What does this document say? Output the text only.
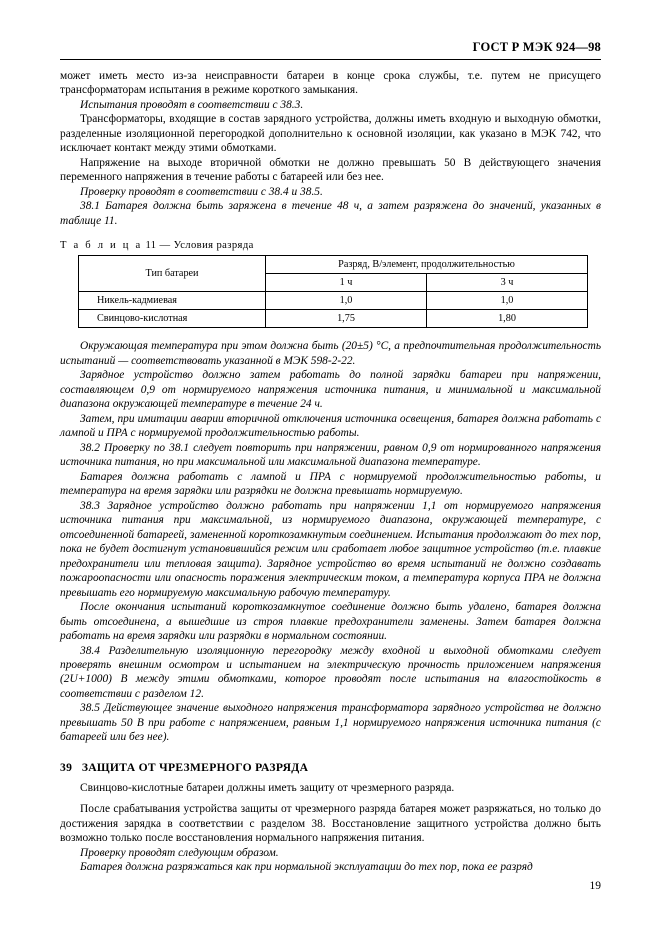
ГОСТ Р МЭК 924—98

может иметь место из-за неисправности батареи в конце срока службы, т.е. путем не присущего трансформаторам испытания в режиме короткого замыкания.

Испытания проводят в соответствии с 38.3.

Трансформаторы, входящие в состав зарядного устройства, должны иметь входную и выходную обмотки, разделенные изоляционной перегородкой дополнительно к основной изоляции, как указано в МЭК 742, что исключает контакт между этими обмотками.

Напряжение на выходе вторичной обмотки не должно превышать 50 В действующего значения переменного напряжения в течение работы с батареей или без нее.

Проверку проводят в соответствии с 38.4 и 38.5.

38.1 Батарея должна быть заряжена в течение 48 ч, а затем разряжена до значений, указанных в таблице 11.

Т а б л и ц а 11 — Условия разряда
Тип батареи	Разряд, В/элемент, продолжительностью	
	1 ч	3 ч
Никель-кадмиевая	1,0	1,0
Свинцово-кислотная	1,75	1,80

Окружающая температура при этом должна быть (20±5) °С, а предпочтительная продолжительность испытаний — соответствовать указанной в МЭК 598-2-22.

Зарядное устройство должно затем работать до полной зарядки батареи при напряжении, составляющем 0,9 от нормируемого напряжения источника питания, и минимальной и максимальной диапазона окружающей температуре в течение 24 ч.

Затем, при имитации аварии вторичной отключения источника освещения, батарея должна работать с лампой и ПРА с нормируемой продолжительностью работы.

38.2 Проверку по 38.1 следует повторить при напряжении, равном 0,9 от нормированного напряжения источника питания, но при максимальной или максимальной диапазона температуре.

Батарея должна работать с лампой и ПРА с нормируемой продолжительностью работы, и температура на время зарядки или разрядки не должна превышать нормируемую.

38.3 Зарядное устройство должно работать при напряжении 1,1 от нормируемого напряжения источника питания при максимальной, из нормируемого диапазона, окружающей температуре, с отсоединенной батареей, замененной короткозамкнутым соединением. Испытания продолжают до тех пор, пока не будет достигнут установившийся режим или сработает любое защитное устройство (т.е. плавкие предохранители или тепловая защита). Зарядное устройство во время испытаний не должно создавать пожароопасности или опасность поражения электрическим током, а температура корпуса ПРА не должна превышать его нормируемую максимальную рабочую температуру.

После окончания испытаний короткозамкнутое соединение должно быть удалено, батарея должна быть отсоединена, а вышедшие из строя плавкие предохранители заменены. Затем батарея должна работать на время зарядки или разрядки в нормальном состоянии.

38.4 Разделительную изоляционную перегородку между входной и выходной обмотками следует проверять внешним осмотром и испытанием на электрическую прочность приложением напряжения (2U+1000) В между этими обмотками, которое проводят после испытания на влагостойкость в соответствии с разделом 12.

38.5 Действующее значение выходного напряжения трансформатора зарядного устройства не должно превышать 50 В при работе с напряжением, равным 1,1 нормируемого напряжения источника питания (с батареей или без нее).

39 ЗАЩИТА ОТ ЧРЕЗМЕРНОГО РАЗРЯДА

Свинцово-кислотные батареи должны иметь защиту от чрезмерного разряда.

После срабатывания устройства защиты от чрезмерного разряда батарея может разряжаться, но только до достижения зарядка в соответствии с разделом 38. Восстановление защитного устройства должно быть возможно только после восстановления нормального напряжения питания.

Проверку проводят следующим образом.

Батарея должна разряжаться как при нормальной эксплуатации до тех пор, пока ее разряд

19
